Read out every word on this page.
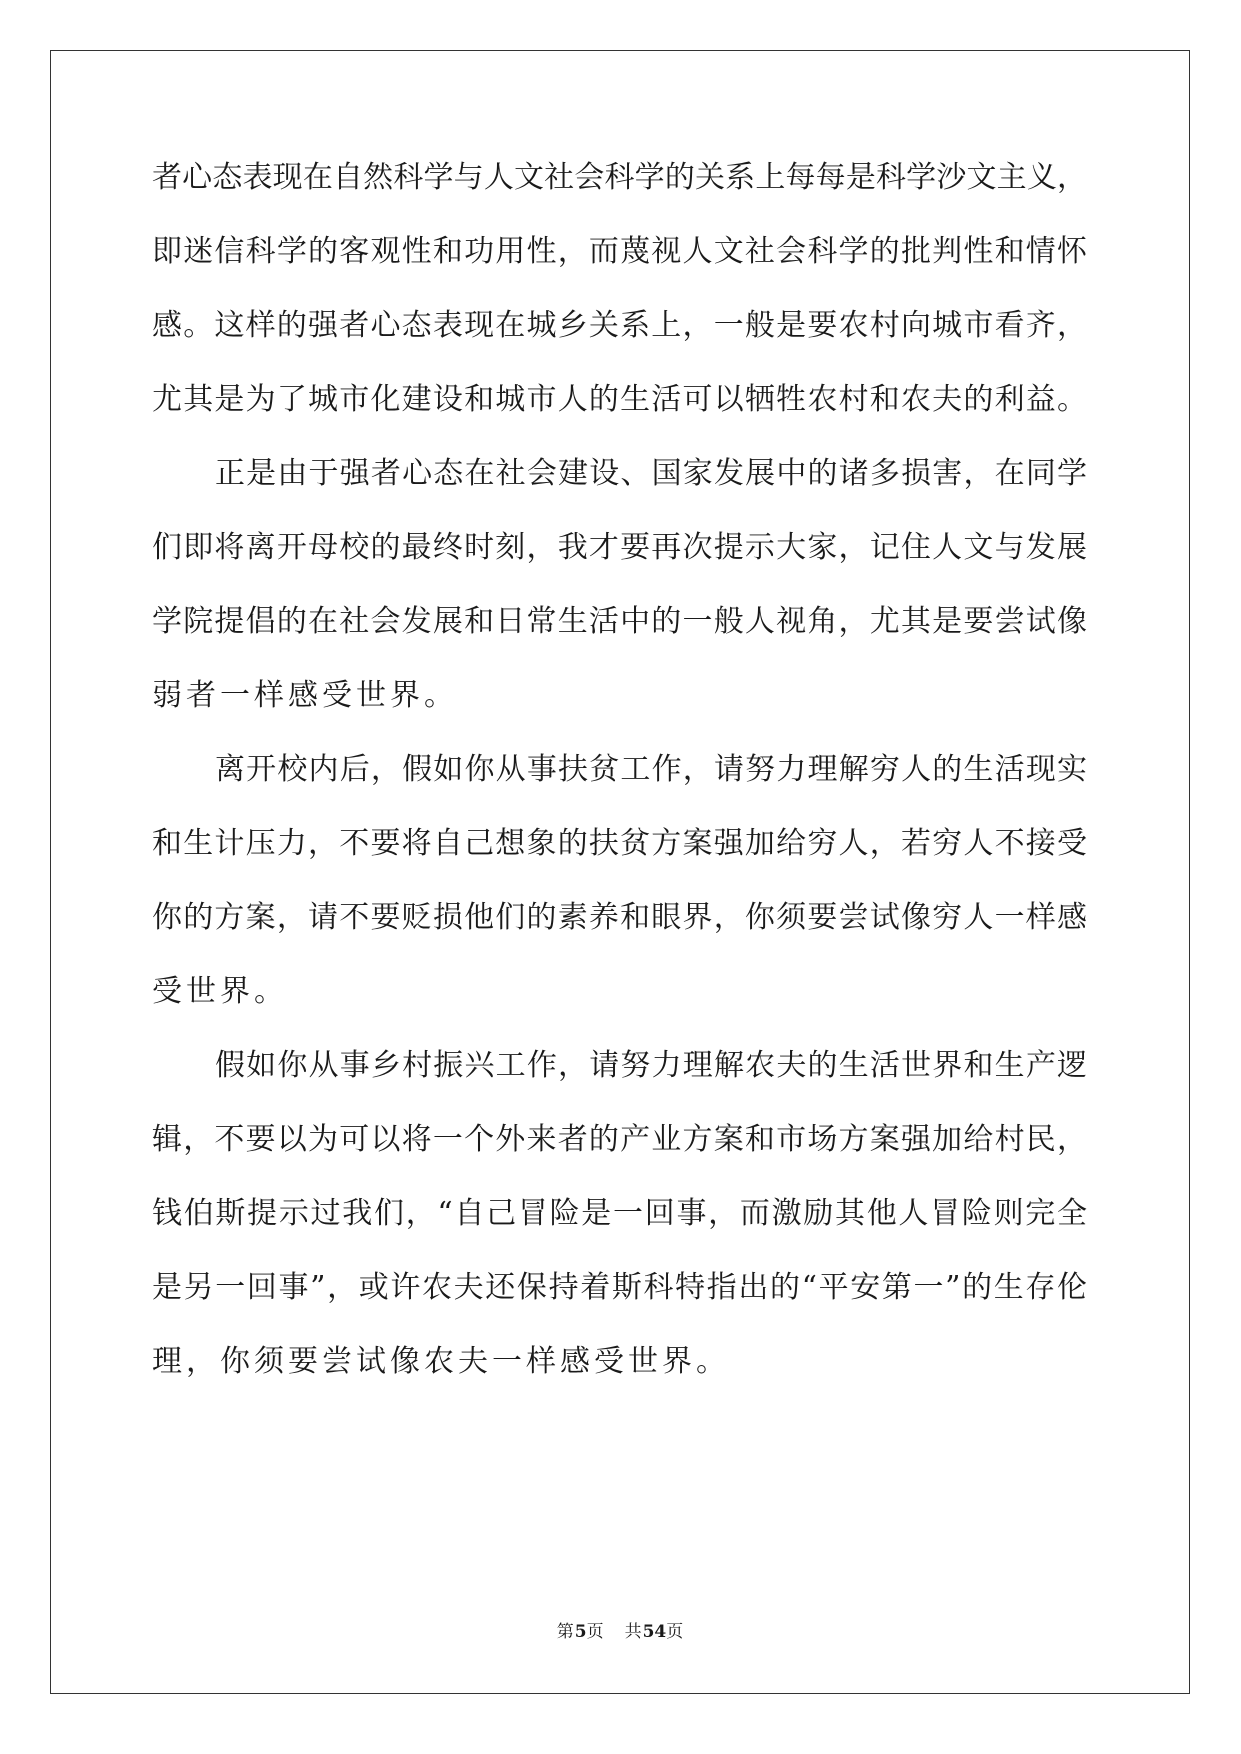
者心态表现在自然科学与人文社会科学的关系上每每是科学沙文主义，
即迷信科学的客观性和功用性，而蔑视人文社会科学的批判性和情怀
感。这样的强者心态表现在城乡关系上，一般是要农村向城市看齐，
尤其是为了城市化建设和城市人的生活可以牺牲农村和农夫的利益。
正是由于强者心态在社会建设、国家发展中的诸多损害，在同学
们即将离开母校的最终时刻，我才要再次提示大家，记住人文与发展
学院提倡的在社会发展和日常生活中的一般人视角，尤其是要尝试像
弱者一样感受世界。
离开校内后，假如你从事扶贫工作，请努力理解穷人的生活现实
和生计压力，不要将自己想象的扶贫方案强加给穷人，若穷人不接受
你的方案，请不要贬损他们的素养和眼界，你须要尝试像穷人一样感
受世界。
假如你从事乡村振兴工作，请努力理解农夫的生活世界和生产逻
辑，不要以为可以将一个外来者的产业方案和市场方案强加给村民，
钱伯斯提示过我们，“自己冒险是一回事，而激励其他人冒险则完全
是另一回事”，或许农夫还保持着斯科特指出的“平安第一”的生存伦
理，你须要尝试像农夫一样感受世界。
第5页 共54页
